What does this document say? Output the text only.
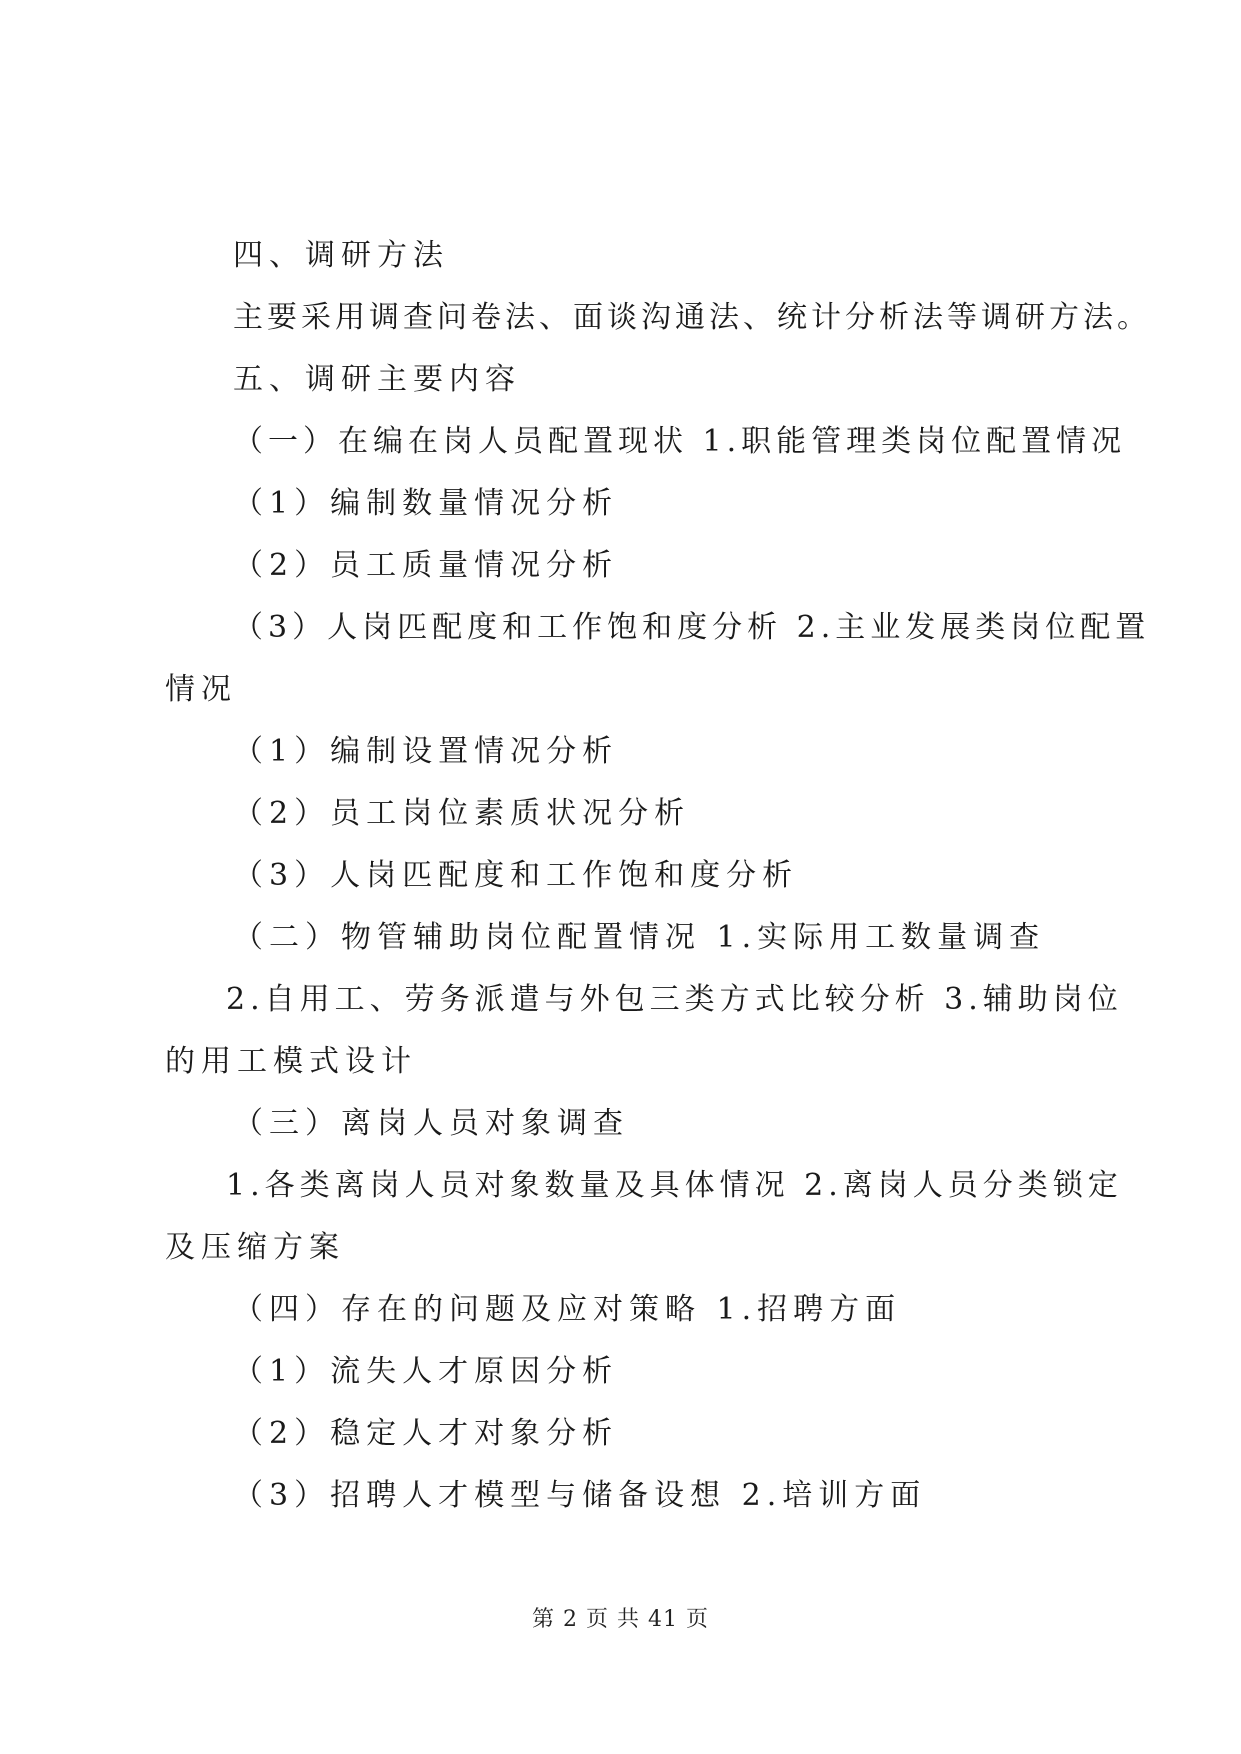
四、调研方法
主要采用调查问卷法、面谈沟通法、统计分析法等调研方法。
五、调研主要内容
（一）在编在岗人员配置现状 1.职能管理类岗位配置情况
（1）编制数量情况分析
（2）员工质量情况分析
（3）人岗匹配度和工作饱和度分析 2.主业发展类岗位配置
情况
（1）编制设置情况分析
（2）员工岗位素质状况分析
（3）人岗匹配度和工作饱和度分析
（二）物管辅助岗位配置情况 1.实际用工数量调查
2.自用工、劳务派遣与外包三类方式比较分析 3.辅助岗位
的用工模式设计
（三）离岗人员对象调查
1.各类离岗人员对象数量及具体情况 2.离岗人员分类锁定
及压缩方案
（四）存在的问题及应对策略 1.招聘方面
（1）流失人才原因分析
（2）稳定人才对象分析
（3）招聘人才模型与储备设想 2.培训方面
第 2 页 共 41 页
